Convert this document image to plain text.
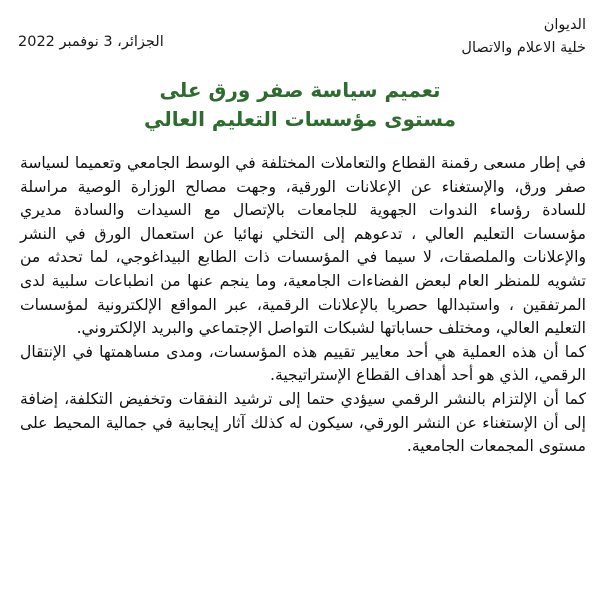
الديوان
خلية الاعلام والاتصال
الجزائر، 3 نوفمبر 2022
تعميم سياسة صفر ورق على
مستوى مؤسسات التعليم العالي

في إطار مسعى رقمنة القطاع والتعاملات المختلفة في الوسط الجامعي وتعميما لسياسة صفر ورق، والإستغناء عن الإعلانات الورقية، وجهت مصالح الوزارة الوصية مراسلة للسادة رؤساء الندوات الجهوية للجامعات بالإتصال مع السيدات والسادة مديري مؤسسات التعليم العالي ، تدعوهم إلى التخلي نهائيا عن استعمال الورق في النشر والإعلانات والملصقات، لا سيما في المؤسسات ذات الطابع البيداغوجي، لما تحدثه من تشويه للمنظر العام لبعض الفضاءات الجامعية، وما ينجم عنها من انطباعات سلبية لدى المرتفقين ، واستبدالها حصريا بالإعلانات الرقمية، عبر المواقع الإلكترونية لمؤسسات التعليم العالي، ومختلف حساباتها لشبكات التواصل الإجتماعي والبريد الإلكتروني.

كما أن هذه العملية هي أحد معايير تقييم هذه المؤسسات، ومدى مساهمتها في الإنتقال الرقمي، الذي هو أحد أهداف القطاع الإستراتيجية.

كما أن الإلتزام بالنشر الرقمي سيؤدي حتما إلى ترشيد النفقات وتخفيض التكلفة، إضافة إلى أن الإستغناء عن النشر الورقي، سيكون له كذلك آثار إيجابية في جمالية المحيط على مستوى المجمعات الجامعية.
